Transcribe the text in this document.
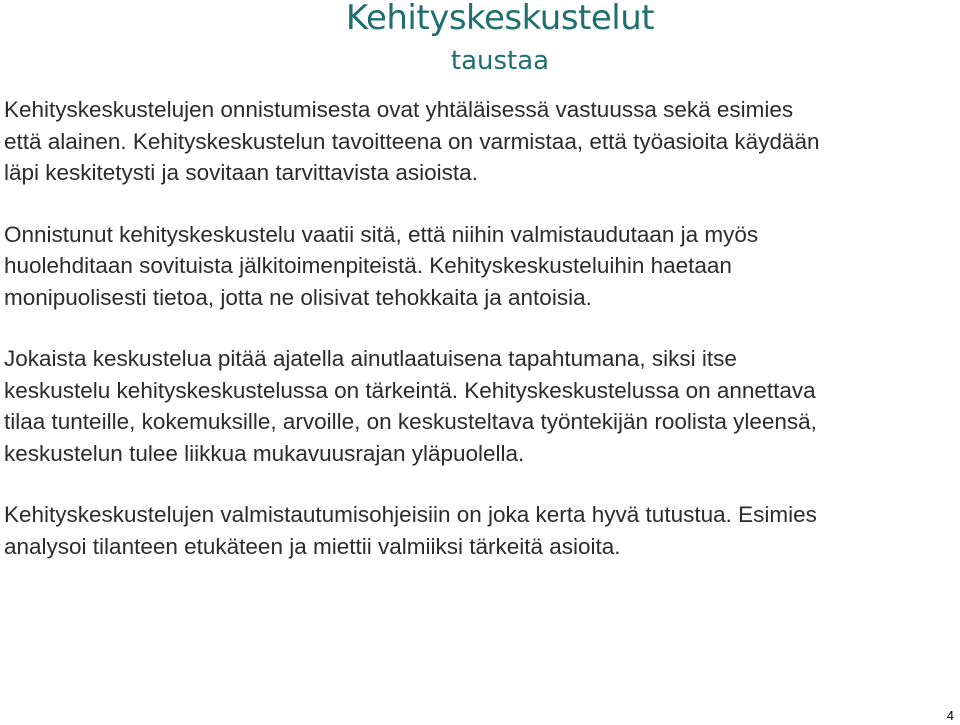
Kehityskeskustelut
taustaa

Kehityskeskustelujen onnistumisesta ovat yhtäläisessä vastuussa sekä esimies
että alainen. Kehityskeskustelun tavoitteena on varmistaa, että työasioita käydään
läpi keskitetysti ja sovitaan tarvittavista asioista.

Onnistunut kehityskeskustelu vaatii sitä, että niihin valmistaudutaan ja myös
huolehditaan sovituista jälkitoimenpiteistä. Kehityskeskusteluihin haetaan
monipuolisesti tietoa, jotta ne olisivat tehokkaita ja antoisia.

Jokaista keskustelua pitää ajatella ainutlaatuisena tapahtumana, siksi itse
keskustelu kehityskeskustelussa on tärkeintä. Kehityskeskustelussa on annettava
tilaa tunteille, kokemuksille, arvoille, on keskusteltava työntekijän roolista yleensä,
keskustelun tulee liikkua mukavuusrajan yläpuolella.

Kehityskeskustelujen valmistautumisohjeisiin on joka kerta hyvä tutustua. Esimies
analysoi tilanteen etukäteen ja miettii valmiiksi tärkeitä asioita.

4
